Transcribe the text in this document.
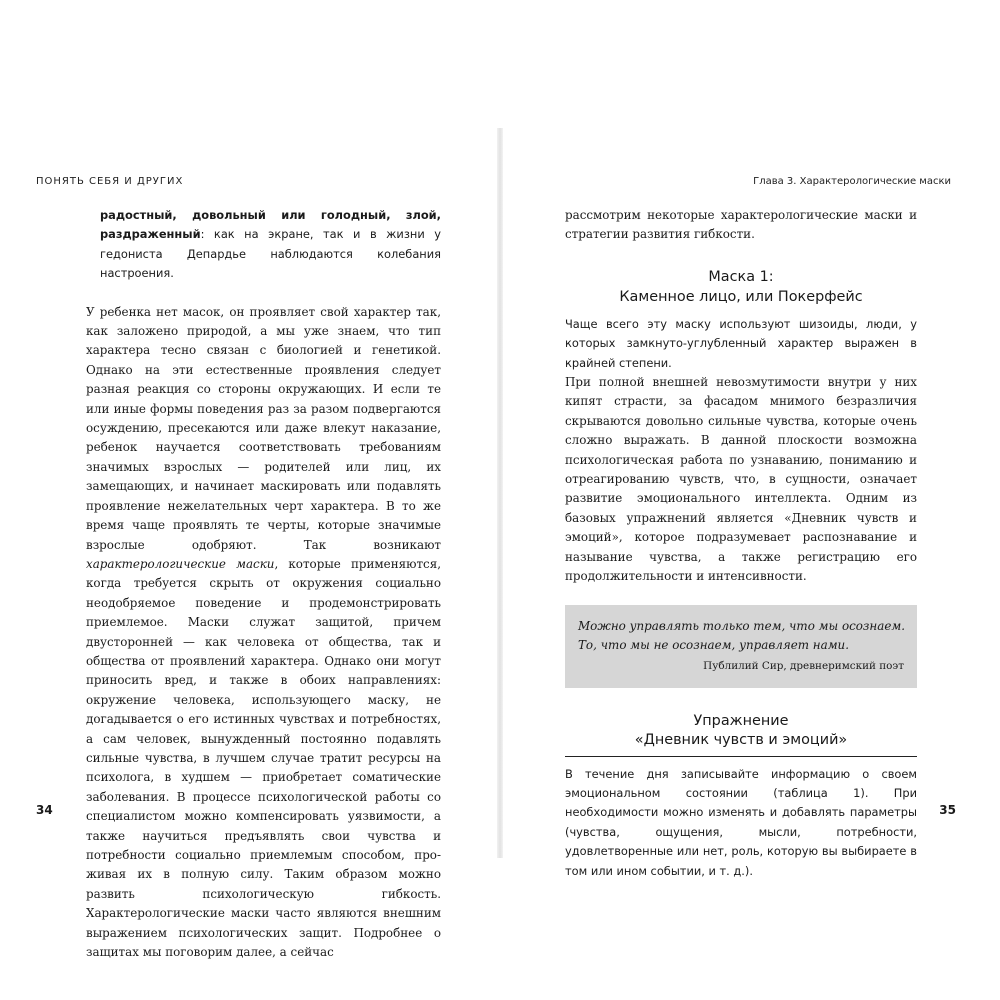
ПОНЯТЬ СЕБЯ И ДРУГИХ

радостный, довольный или голодный, злой, раздраженный: как на экране, так и в жизни у гедониста Депардье наблюдаются колебания настроения.

У ребенка нет масок, он проявляет свой характер так, как заложено природой, а мы уже знаем, что тип характера тесно связан с биологией и генетикой. Однако на эти естественные проявления следует разная реакция со стороны окружающих. И если те или иные формы поведения раз за разом подвергаются осуждению, пресекаются или даже влекут наказание, ребенок научается соответствовать требованиям значимых взрослых — родителей или лиц, их замещающих, и начинает маскировать или подавлять проявление нежелательных черт характера. В то же время чаще проявлять те черты, которые значимые взрослые одобряют. Так возникают характерологические маски, которые применяются, когда требуется скрыть от окружения социально неодобряемое поведение и продемонстрировать приемлемое. Маски служат защитой, причем двусторонней — как человека от общества, так и общества от проявлений характера. Однако они могут приносить вред, и также в обоих направлениях: окружение человека, использующего маску, не догадывается о его истинных чувствах и потребностях, а сам человек, вынужденный постоянно подавлять сильные чувства, в лучшем случае тратит ресурсы на психолога, в худшем — приобретает соматические заболевания. В процессе психологической работы со специалистом можно компенсировать уязвимости, а также научиться предъявлять свои чувства и потребности социально приемлемым способом, проживая их в полную силу. Таким образом можно развить психологическую гибкость. Характерологические маски часто являются внешним выражением психологических защит. Подробнее о защитах мы поговорим далее, а сейчас

34
Глава 3. Характерологические маски

рассмотрим некоторые характерологические маски и стратегии развития гибкости.

Маска 1:
Каменное лицо, или Покерфейс

Чаще всего эту маску используют шизоиды, люди, у которых замкнуто-углубленный характер выражен в крайней степени.

При полной внешней невозмутимости внутри у них кипят страсти, за фасадом мнимого безразличия скрываются довольно сильные чувства, которые очень сложно выражать. В данной плоскости возможна психологическая работа по узнаванию, пониманию и отреагированию чувств, что, в сущности, означает развитие эмоционального интеллекта. Одним из базовых упражнений является «Дневник чувств и эмоций», которое подразумевает распознавание и называние чувства, а также регистрацию его продолжительности и интенсивности.

Можно управлять только тем, что мы осознаем.
То, что мы не осознаем, управляет нами.
Публилий Сир, древнеримский поэт
Упражнение
«Дневник чувств и эмоций»

В течение дня записывайте информацию о своем эмоциональном состоянии (таблица 1). При необходимости можно изменять и добавлять параметры (чувства, ощущения, мысли, потребности, удовлетворенные или нет, роль, которую вы выбираете в том или ином событии, и т. д.).

35
